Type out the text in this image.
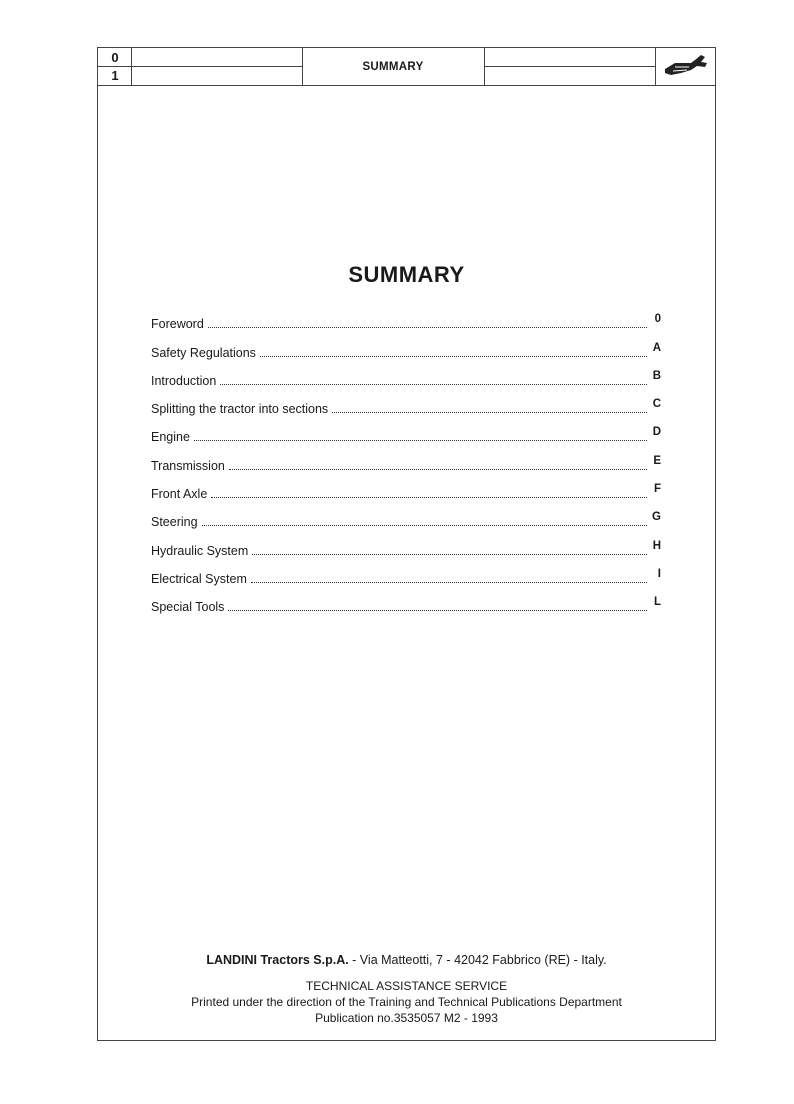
0
1
SUMMARY
SUMMARY
Foreword	0
Safety Regulations	A
Introduction	B
Splitting the tractor into sections	C
Engine	D
Transmission	E
Front Axle	F
Steering	G
Hydraulic System	H
Electrical System	I
Special Tools	L
LANDINI Tractors S.p.A. - Via Matteotti, 7 - 42042 Fabbrico (RE) - Italy.
TECHNICAL ASSISTANCE SERVICE
Printed under the direction of the Training and Technical Publications Department
Publication no.3535057 M2 - 1993
